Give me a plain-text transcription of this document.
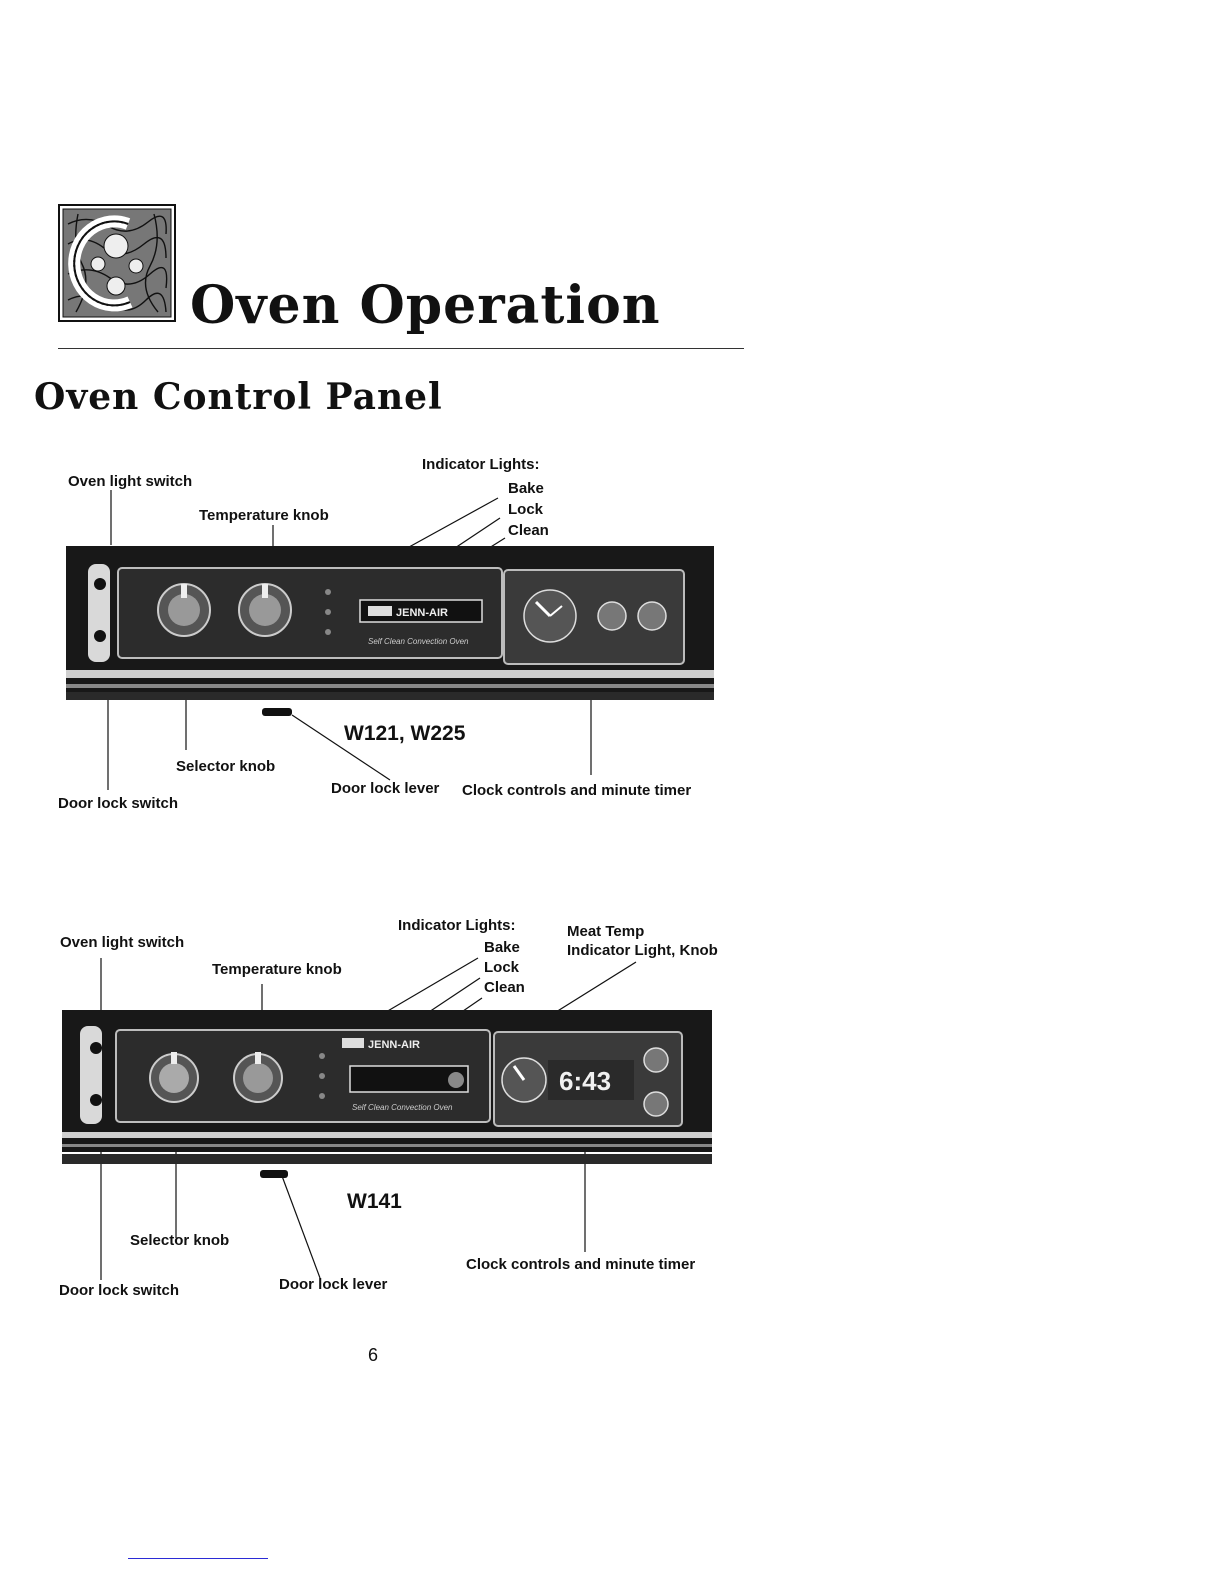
Oven Operation
Oven Control Panel
JENN-AIR
Self Clean Convection Oven
Indicator Lights:
Oven light switch	Bake
Lock
Temperature knob
Clean
W121, W225
Selector knob
Door lock lever Clock controls and minute timer
Door lock switch
JENN-AIR
Self Clean Convection Oven
6:43
Indicator Lights:	Meat Temp
Oven light switch	Bake	Indicator Light, Knob
Temperature knob	Lock
Clean
W141
Selector knob
Clock controls and minute timer
Door lock lever
Door lock switch
6
